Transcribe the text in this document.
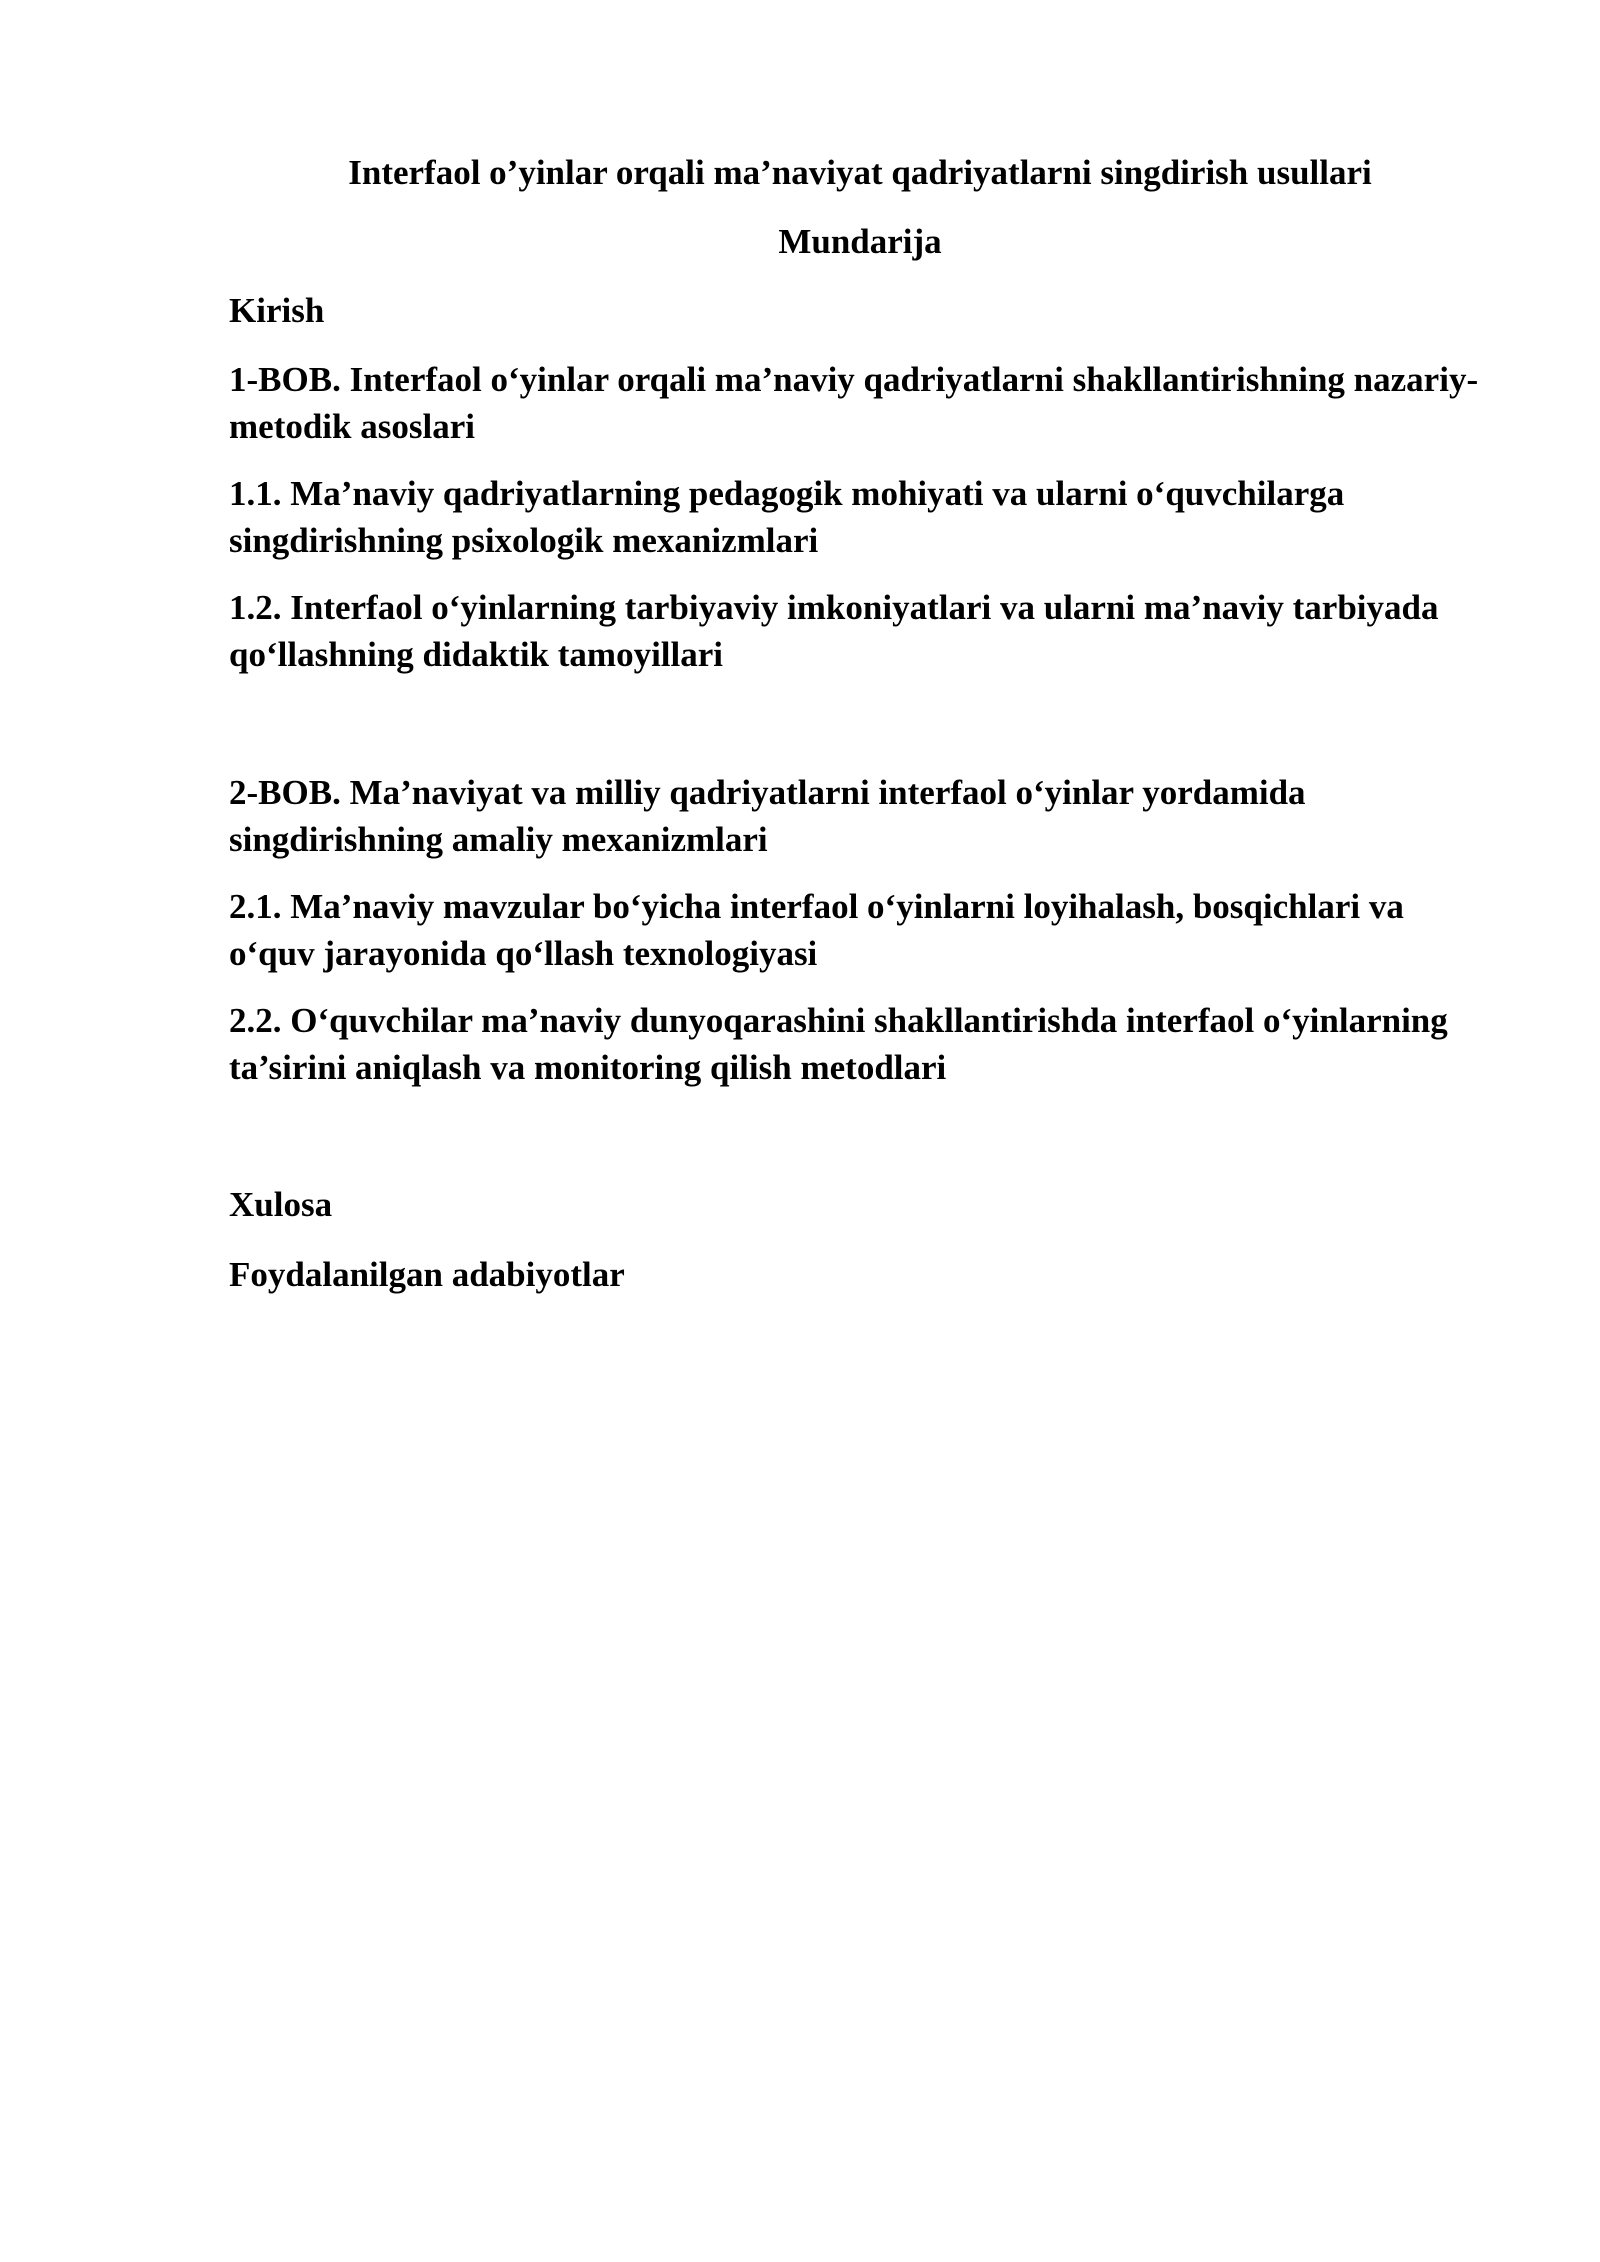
Interfaol o’yinlar orqali ma’naviyat qadriyatlarni singdirish usullari

Mundarija

Kirish

1-BOB. Interfaol o‘yinlar orqali ma’naviy qadriyatlarni shakllantirishning nazariy-metodik asoslari

1.1. Ma’naviy qadriyatlarning pedagogik mohiyati va ularni o‘quvchilarga singdirishning psixologik mexanizmlari

1.2. Interfaol o‘yinlarning tarbiyaviy imkoniyatlari va ularni ma’naviy tarbiyada qo‘llashning didaktik tamoyillari

2-BOB. Ma’naviyat va milliy qadriyatlarni interfaol o‘yinlar yordamida singdirishning amaliy mexanizmlari

2.1. Ma’naviy mavzular bo‘yicha interfaol o‘yinlarni loyihalash, bosqichlari va o‘quv jarayonida qo‘llash texnologiyasi

2.2. O‘quvchilar ma’naviy dunyoqarashini shakllantirishda interfaol o‘yinlarning ta’sirini aniqlash va monitoring qilish metodlari

Xulosa

Foydalanilgan adabiyotlar
